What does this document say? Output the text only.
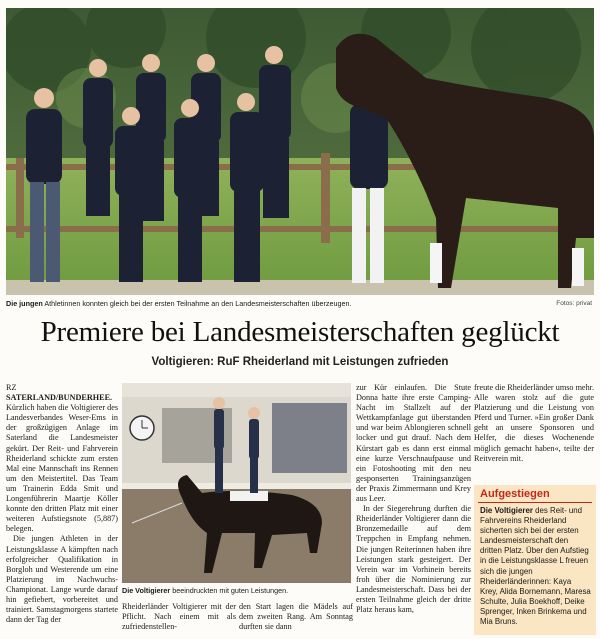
Die jungen Athletinnen konnten gleich bei der ersten Teilnahme an den Landesmeisterschaften überzeugen.	Fotos: privat
Premiere bei Landesmeisterschaften geglückt
Voltigieren: RuF Rheiderland mit Leistungen zufrieden

RZ SATERLAND/BUNDERHEE. Kürzlich haben die Voltigierer des Landesverbandes Weser-Ems in der großzügigen Anlage im Saterland die Landesmeister gekürt. Der Reit- und Fahrverein Rheiderland schickte zum ersten Mal eine Mannschaft ins Rennen um den Meistertitel. Das Team um Trainerin Edda Smit und Longenführerin Maartje Köller konnte den dritten Platz mit einer weiteren Aufstiegsnote (5,887) belegen.

Die jungen Athleten in der Leistungsklasse A kämpften nach erfolgreicher Qualifikation in Borgloh und Westerende um eine Platzierung im Nachwuchs-Championat. Lange wurde darauf hin gefiebert, vorbereitet und trainiert. Samstagmorgens startete dann der Tag der

Die Voltigierer beeindruckten mit guten Leistungen.

Rheiderländer Voltigierer mit der Pflicht. Nach einem mit als zufriedenstellen-

den Start lagen die Mädels auf dem zweiten Rang. Am Sonntag durften sie dann

zur Kür einlaufen. Die Stute Donna hatte ihre erste Camping-Nacht im Stallzelt auf der Wettkampfanlage gut überstanden und war beim Ablongieren schnell locker und gut drauf. Nach dem Kürstart gab es dann erst einmal eine kurze Verschnaufpause und ein Fotoshooting mit den neu gesponserten Trainingsanzügen der Praxis Zimmermann und Krey aus Leer.

In der Siegerehrung durften die Rheiderländer Voltigierer dann die Bronzemedaille auf dem Treppchen in Empfang nehmen. Die jungen Reiterinnen haben ihre Leistungen stark gesteigert. Der Verein war im Vorhinein bereits froh über die Nominierung zur Landesmeisterschaft. Dass bei der ersten Teilnahme gleich der dritte Platz heraus kam,

freute die Rheiderländer umso mehr. Alle waren stolz auf die gute Platzierung und die Leistung von Pferd und Turner. »Ein großer Dank geht an unsere Sponsoren und Helfer, die dieses Wochenende möglich gemacht haben«, teilte der Reitverein mit.

Aufgestiegen
Die Voltigierer des Reit- und Fahrvereins Rheiderland sicherten sich bei der ersten Landesmeisterschaft den dritten Platz. Über den Aufstieg in die Leistungsklasse L freuen sich die jungen Rheiderländerinnen: Kaya Krey, Alida Bornemann, Maresa Schulte, Julia Boekhoff, Deike Sprenger, Inken Brinkema und Mia Bruns.
